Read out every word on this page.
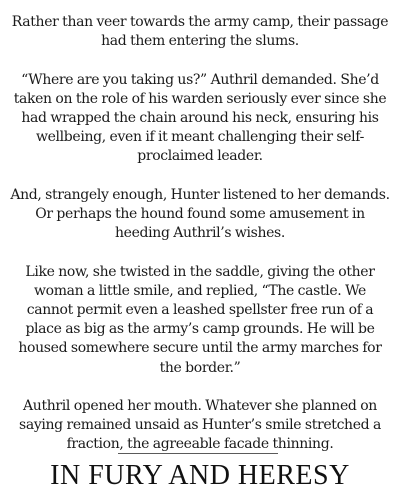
Rather than veer towards the army camp, their passage had them entering the slums.

“Where are you taking us?” Authril demanded. She’d taken on the role of his warden seriously ever since she had wrapped the chain around his neck, ensuring his wellbeing, even if it meant challenging their self-proclaimed leader.

And, strangely enough, Hunter listened to her demands. Or perhaps the hound found some amusement in heeding Authril’s wishes.

Like now, she twisted in the saddle, giving the other woman a little smile, and replied, “The castle. We cannot permit even a leashed spellster free run of a place as big as the army’s camp grounds. He will be housed somewhere secure until the army marches for the border.”

Authril opened her mouth. Whatever she planned on saying remained unsaid as Hunter’s smile stretched a fraction, the agreeable facade thinning.

IN FURY AND HERESY
